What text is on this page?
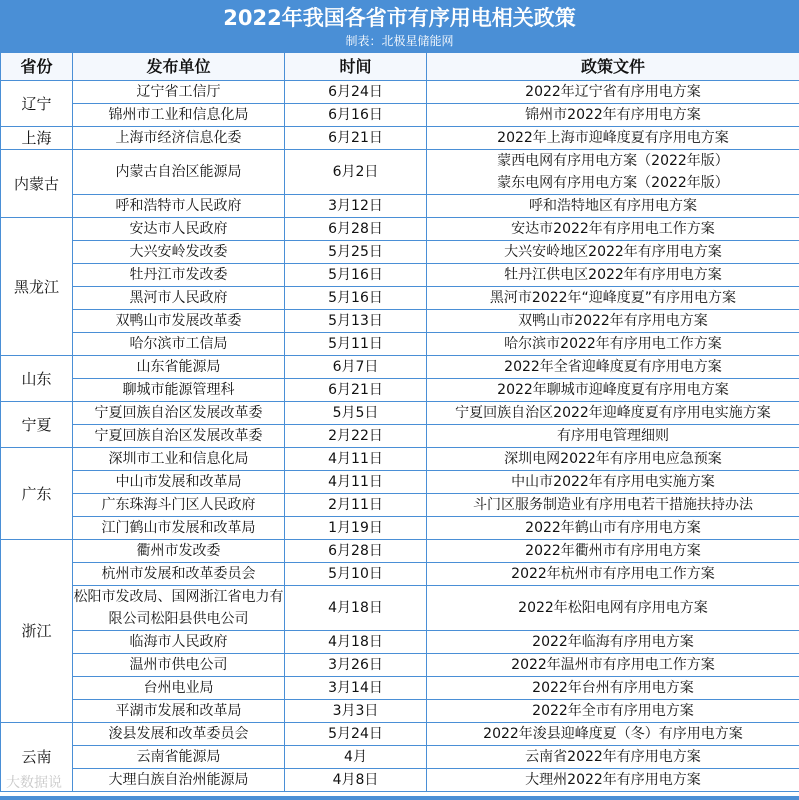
2022年我国各省市有序用电相关政策
制表：北极星储能网
省份	发布单位	时间	政策文件
辽宁	辽宁省工信厅	6月24日	2022年辽宁省有序用电方案

	锦州市工业和信息化局	6月16日	锦州市2022年有序用电方案

上海	上海市经济信息化委	6月21日	2022年上海市迎峰度夏有序用电方案

内蒙古	内蒙古自治区能源局	6月2日	蒙西电网有序用电方案（2022年版）
蒙东电网有序用电方案（2022年版）

	呼和浩特市人民政府	3月12日	呼和浩特地区有序用电方案

黑龙江	安达市人民政府	6月28日	安达市2022年有序用电工作方案

	大兴安岭发改委	5月25日	大兴安岭地区2022年有序用电方案

	牡丹江市发改委	5月16日	牡丹江供电区2022年有序用电方案

	黑河市人民政府	5月16日	黑河市2022年“迎峰度夏”有序用电方案

	双鸭山市发展改革委	5月13日	双鸭山市2022年有序用电方案

	哈尔滨市工信局	5月11日	哈尔滨市2022年有序用电工作方案

山东	山东省能源局	6月7日	2022年全省迎峰度夏有序用电方案

	聊城市能源管理科	6月21日	2022年聊城市迎峰度夏有序用电方案

宁夏	宁夏回族自治区发展改革委	5月5日	宁夏回族自治区2022年迎峰度夏有序用电实施方案

	宁夏回族自治区发展改革委	2月22日	有序用电管理细则

广东	深圳市工业和信息化局	4月11日	深圳电网2022年有序用电应急预案

	中山市发展和改革局	4月11日	中山市2022年有序用电实施方案

	广东珠海斗门区人民政府	2月11日	斗门区服务制造业有序用电若干措施扶持办法

	江门鹤山市发展和改革局	1月19日	2022年鹤山市有序用电方案

浙江	衢州市发改委	6月28日	2022年衢州市有序用电方案

	杭州市发展和改革委员会	5月10日	2022年杭州市有序用电工作方案

	松阳市发改局、国网浙江省电力有限公司松阳县供电公司	4月18日	2022年松阳电网有序用电方案

	临海市人民政府	4月18日	2022年临海有序用电方案

	温州市供电公司	3月26日	2022年温州市有序用电工作方案

	台州电业局	3月14日	2022年台州有序用电方案

	平湖市发展和改革局	3月3日	2022年全市有序用电方案

云南	浚县发展和改革委员会	5月24日	2022年浚县迎峰度夏（冬）有序用电方案

	云南省能源局	4月	云南省2022年有序用电方案

	大理白族自治州能源局	4月8日	大理州2022年有序用电方案
大数据说
